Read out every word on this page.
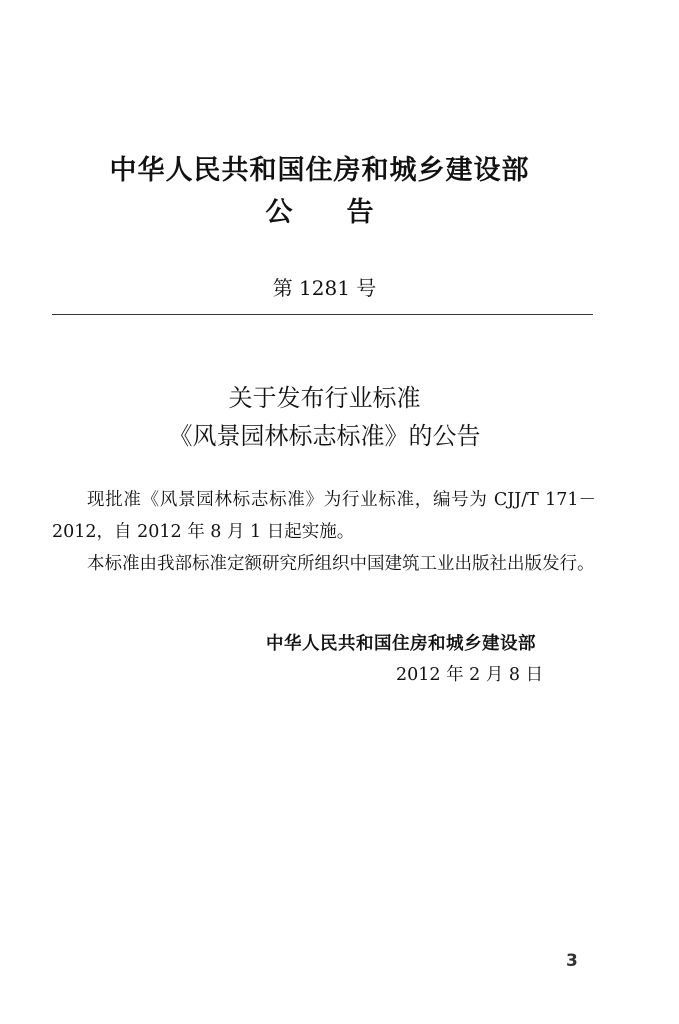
中华人民共和国住房和城乡建设部
公告
第 1281 号
关于发布行业标准
《风景园林标志标准》的公告

现批准《风景园林标志标准》为行业标准，编号为 CJJ/T 171－2012，自 2012 年 8 月 1 日起实施。

本标准由我部标准定额研究所组织中国建筑工业出版社出版发行。

中华人民共和国住房和城乡建设部
2012 年 2 月 8 日
3
